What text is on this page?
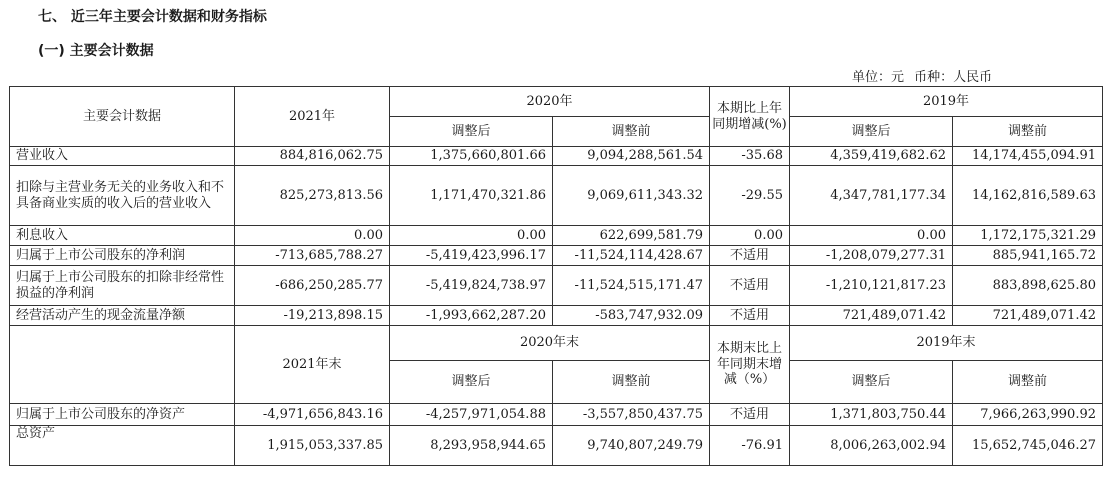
七、 近三年主要会计数据和财务指标
(一) 主要会计数据
单位：元 币种：人民币
主要会计数据	2021年	2020年		本期比上年同期增减(%)	2019年	
		调整后	调整前		调整后	调整前
营业收入	884,816,062.75	1,375,660,801.66	9,094,288,561.54	-35.68	4,359,419,682.62	14,174,455,094.91
扣除与主营业务无关的业务收入和不具备商业实质的收入后的营业收入	825,273,813.56	1,171,470,321.86	9,069,611,343.32	-29.55	4,347,781,177.34	14,162,816,589.63
利息收入	0.00	0.00	622,699,581.79	0.00	0.00	1,172,175,321.29
归属于上市公司股东的净利润	-713,685,788.27	-5,419,423,996.17	-11,524,114,428.67	不适用	-1,208,079,277.31	885,941,165.72
归属于上市公司股东的扣除非经常性损益的净利润	-686,250,285.77	-5,419,824,738.97	-11,524,515,171.47	不适用	-1,210,121,817.23	883,898,625.80
经营活动产生的现金流量净额	-19,213,898.15	-1,993,662,287.20	-583,747,932.09	不适用	721,489,071.42	721,489,071.42
	2021年末	2020年末		本期末比上年同期末增减（%）	2019年末	
		调整后	调整前		调整后	调整前
归属于上市公司股东的净资产	-4,971,656,843.16	-4,257,971,054.88	-3,557,850,437.75	不适用	1,371,803,750.44	7,966,263,990.92
总资产	1,915,053,337.85	8,293,958,944.65	9,740,807,249.79	-76.91	8,006,263,002.94	15,652,745,046.27
